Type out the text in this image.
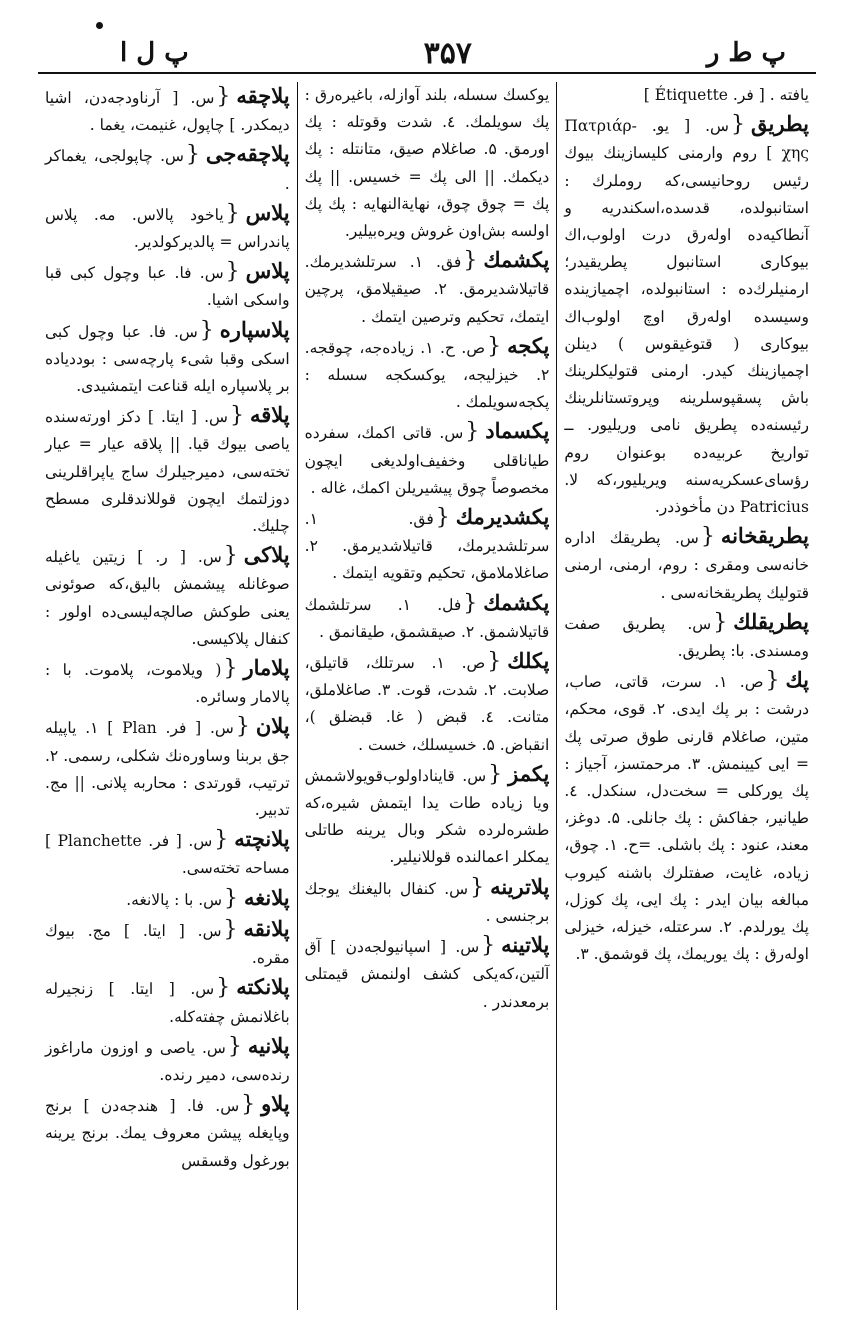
پ ل ا	۳۵۷	پ ط ر

یافته . [ فر. Étiquette ]

پطریق{س. [ یو. Πατριάρ‑ χης ] روم وارمنی کلیسازینك بیوك رئیس روحانیسی،که روملرك : استانبولده، قدسده،اسکندریه و آنطاکیه‌ده اوله‌رق درت اولوب،اك بیوکاری استانبول پطریقیدر؛ ارمنیلرك‌ده : استانبولده، اچمیازینده وسیسده اوله‌رق اوچ اولوب‌اك بیوکاری ( قتوغیقوس ) دینلن اچمیازینك کیدر. ارمنی قتولیکلرینك باش پسقپوسلرینه وپروتستانلرینك رئیسنه‌ده پطریق نامی وریلیور. ــ تواریخ عربیه‌ده بوعنوان روم رؤسای‌عسکریه‌سنه ویریلیور،که لا. Patricius دن مأخوذدر.

پطریقخانه{س. پطریقك اداره خانه‌سی ومقری : روم، ارمنی، ارمنی قتولیك پطریقخانه‌سی .

پطریقلك{س. پطریق صفت ومسندی. با: پطریق.

پك{ص. ۱. سرت، قاتی، صاب، درشت : بر پك ایدی. ۲. قوی، محکم، متین، صاغلام قارنی طوق صرتی پك = ایی کیینمش. ۳. مرحمتسز، آجیاز : پك یورکلی = سخت‌دل، سنکدل. ٤. طیانیر، جفاکش : پك جانلی. ۵. دوغز، معند، عنود : پك باشلی. =ح. ۱. چوق، زیاده، غایت، صفتلرك باشنه کیروب مبالغه بیان ایدر : پك ایی، پك کوزل، پك یورلدم. ۲. سرعتله، خیزله، خیزلی اوله‌رق : پك یوریمك، پك قوشمق. ۳.

یوکسك سسله، بلند آوازله، باغیره‌رق : پك سویلمك. ٤. شدت وقوتله : پك اورمق. ۵. صاغلام صیق، متانتله : پك دیکمك. || الی پك = خسیس. || پك پك = چوق چوق، نهایةالنهایه : پك پك اولسه بش‌اون غروش ویره‌بیلیر.

پکشمك{فق. ۱. سرتلشدیرمك. قاتیلاشدیرمق. ۲. صیقیلامق، پرچین ایتمك، تحکیم وترصین ایتمك .

پکجه{ص. ح. ۱. زیاده‌جه، چوقجه. ۲. خیزلیجه، یوکسکجه سسله : پکجه‌سویلمك .

پکسماد{س. قاتی اکمك، سفرده طیاناقلی وخفیف‌اولدیغی ایچون مخصوصاً چوق پیشیریلن اکمك، غاله .

پکشدیرمك{فق. ۱. سرتلشدیرمك، قاتیلاشدیرمق. ۲. صاغلاملامق، تحکیم وتقویه ایتمك .

پکشمك{فل. ۱. سرتلشمك قاتیلاشمق. ۲. صیقشمق، طیقانمق .

پکلك{ص. ۱. سرتلك، قاتیلق، صلابت. ۲. شدت، قوت. ۳. صاغلاملق، متانت. ٤. قبض ( غا. قبضلق )، انقباض. ۵. خسیسلك، خست .

پکمز{س. قایناداولوب‌قویولاشمش ویا زیاده طات یدا ایتمش شیره،که طشره‌لرده شکر وبال یرینه طاتلی یمکلر اعمالنده قوللانیلیر.

پلاترینه{س. کنفال بالیغنك یوجك برجنسی .

پلاتینه{س. [ اسپانیولجه‌دن ] آق آلتین،که‌یکی کشف اولنمش قیمتلی برمعدندر .

پلاچقه{س. [ آرناودجه‌دن، اشیا دیمکدر. ] چاپول، غنیمت، یغما .

پلاچقه‌جی{س. چاپولجی، یغماکر .

پلاس{یاخود پالاس. مه. پلاس پاندراس = پالدیرکولدیر.

پلاس{س. فا. عبا وچول کبی قبا واسکی اشیا.

پلاسپاره{س. فا. عبا وچول کبی اسکی وقبا شیء پارچه‌سی : بوددیاده بر پلاسپاره ایله قناعت ایتمشیدی.

پلاقه{س. [ ایتا. ] دکز اورته‌سنده یاصی بیوك قیا. || پلاقه عیار = عیار تخته‌سی، دمیرجیلرك ساج یاپراقلرینی دوزلتمك ایچون قوللاندقلری مسطح چلیك.

پلاکی{س. [ ر. ] زیتین یاغیله صوغانله پیشمش بالیق،که صوئونی یعنی طوکش صالچه‌لیسی‌ده اولور : کنفال پلاکیسی.

پلامار{( ویلاموت، پلاموت. با : پالامار وسائره.

پلان{س. [ فر. Plan ] ۱. یاپیله جق بربنا وساوره‌نك شکلی، رسمی. ۲. ترتیب، قورتدی : محاربه پلانی. || مج. تدبیر.

پلانچته{س. [ فر. Planchette ] مساحه تخته‌سی.

پلانغه{س. با : پالانغه.

پلانقه{س. [ ایتا. ] مج. بیوك مقره.

پلانکته{س. [ ایتا. ] زنجیرله باغلانمش چفته‌کله.

پلانیه{س. یاصی و اوزون ماراغوز رنده‌سی، دمیر رنده.

پلاو{س. فا. [ هندجه‌دن ] برنج وپایغله پیشن معروف یمك. برنج یرینه بورغول وقسقس
